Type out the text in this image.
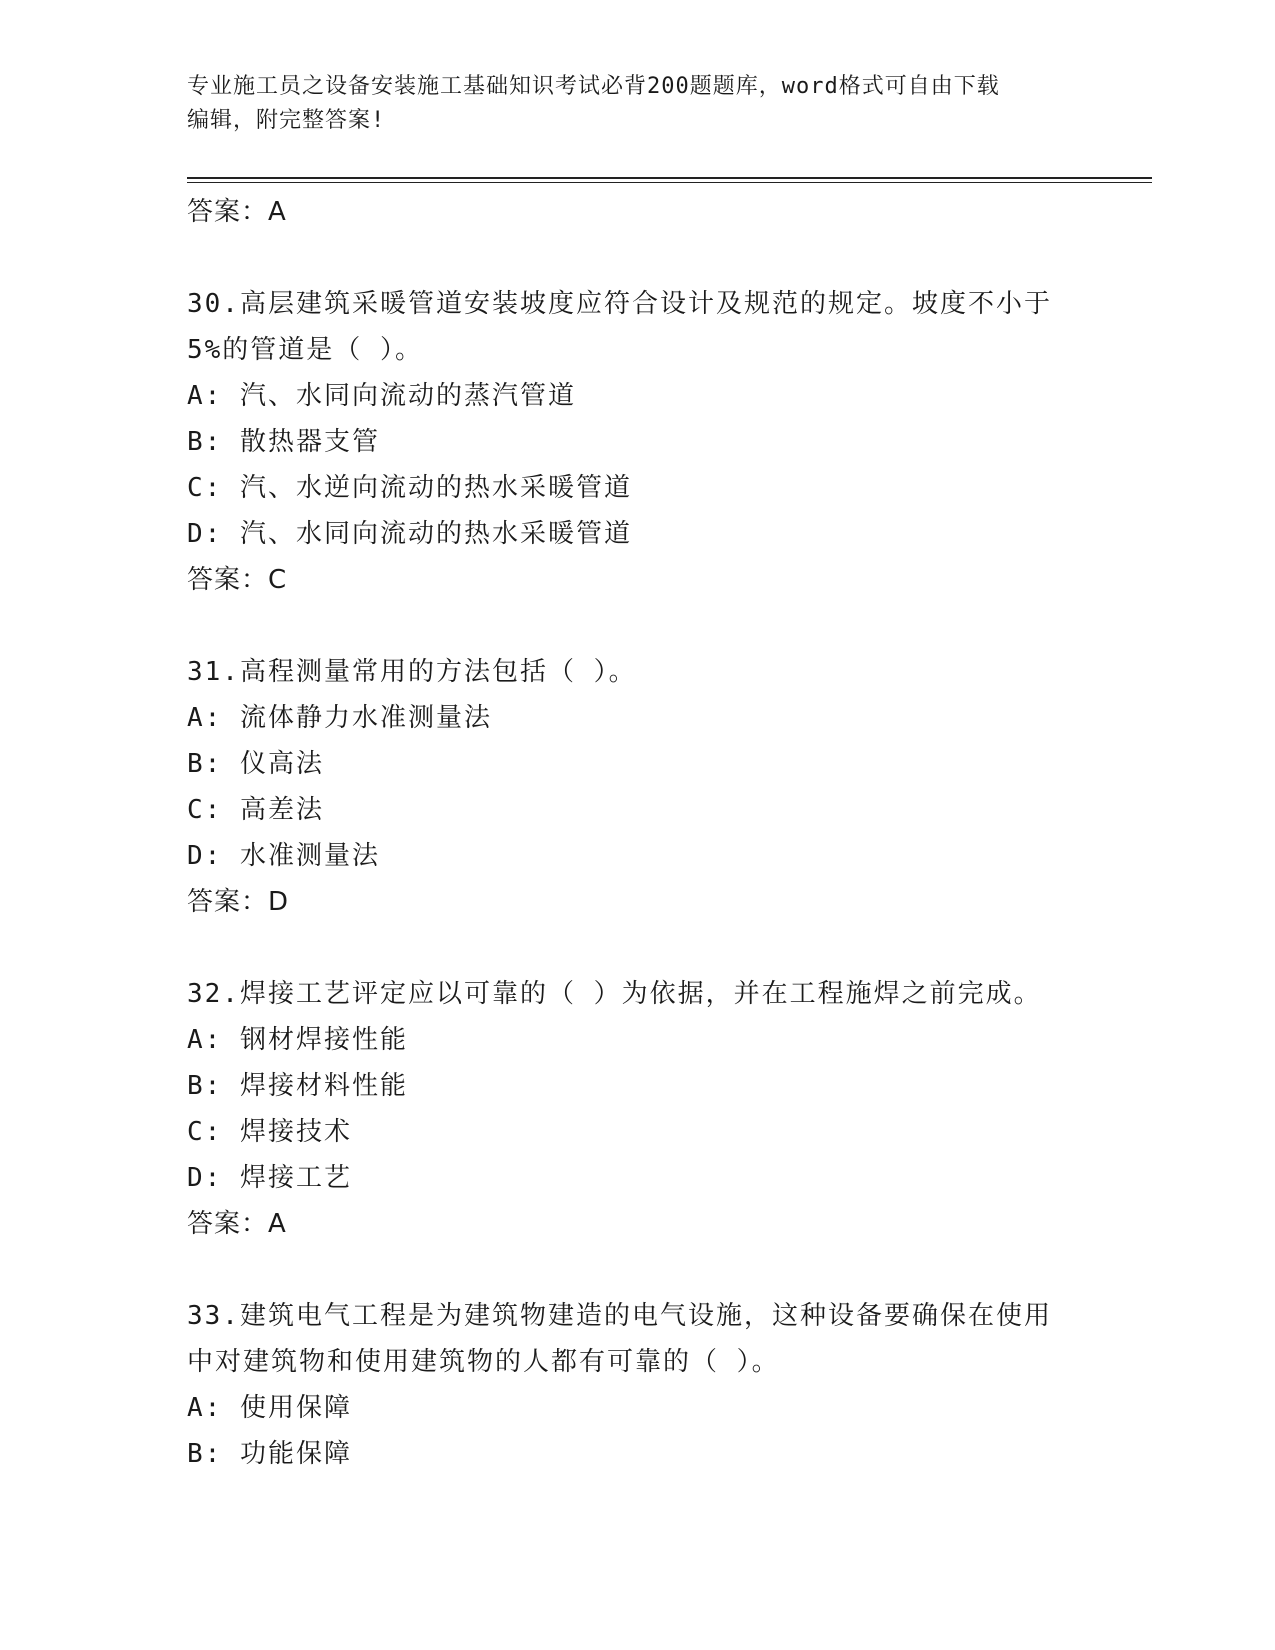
专业施工员之设备安装施工基础知识考试必背200题题库，word格式可自由下载
编辑，附完整答案!
答案：A
30.高层建筑采暖管道安装坡度应符合设计及规范的规定。坡度不小于
5%的管道是（ ）。
A: 汽、水同向流动的蒸汽管道
B: 散热器支管
C: 汽、水逆向流动的热水采暖管道
D: 汽、水同向流动的热水采暖管道
答案：C
31.高程测量常用的方法包括（ ）。
A: 流体静力水准测量法
B: 仪高法
C: 高差法
D: 水准测量法
答案：D
32.焊接工艺评定应以可靠的（ ）为依据，并在工程施焊之前完成。
A: 钢材焊接性能
B: 焊接材料性能
C: 焊接技术
D: 焊接工艺
答案：A
33.建筑电气工程是为建筑物建造的电气设施，这种设备要确保在使用
中对建筑物和使用建筑物的人都有可靠的（ ）。
A: 使用保障
B: 功能保障
